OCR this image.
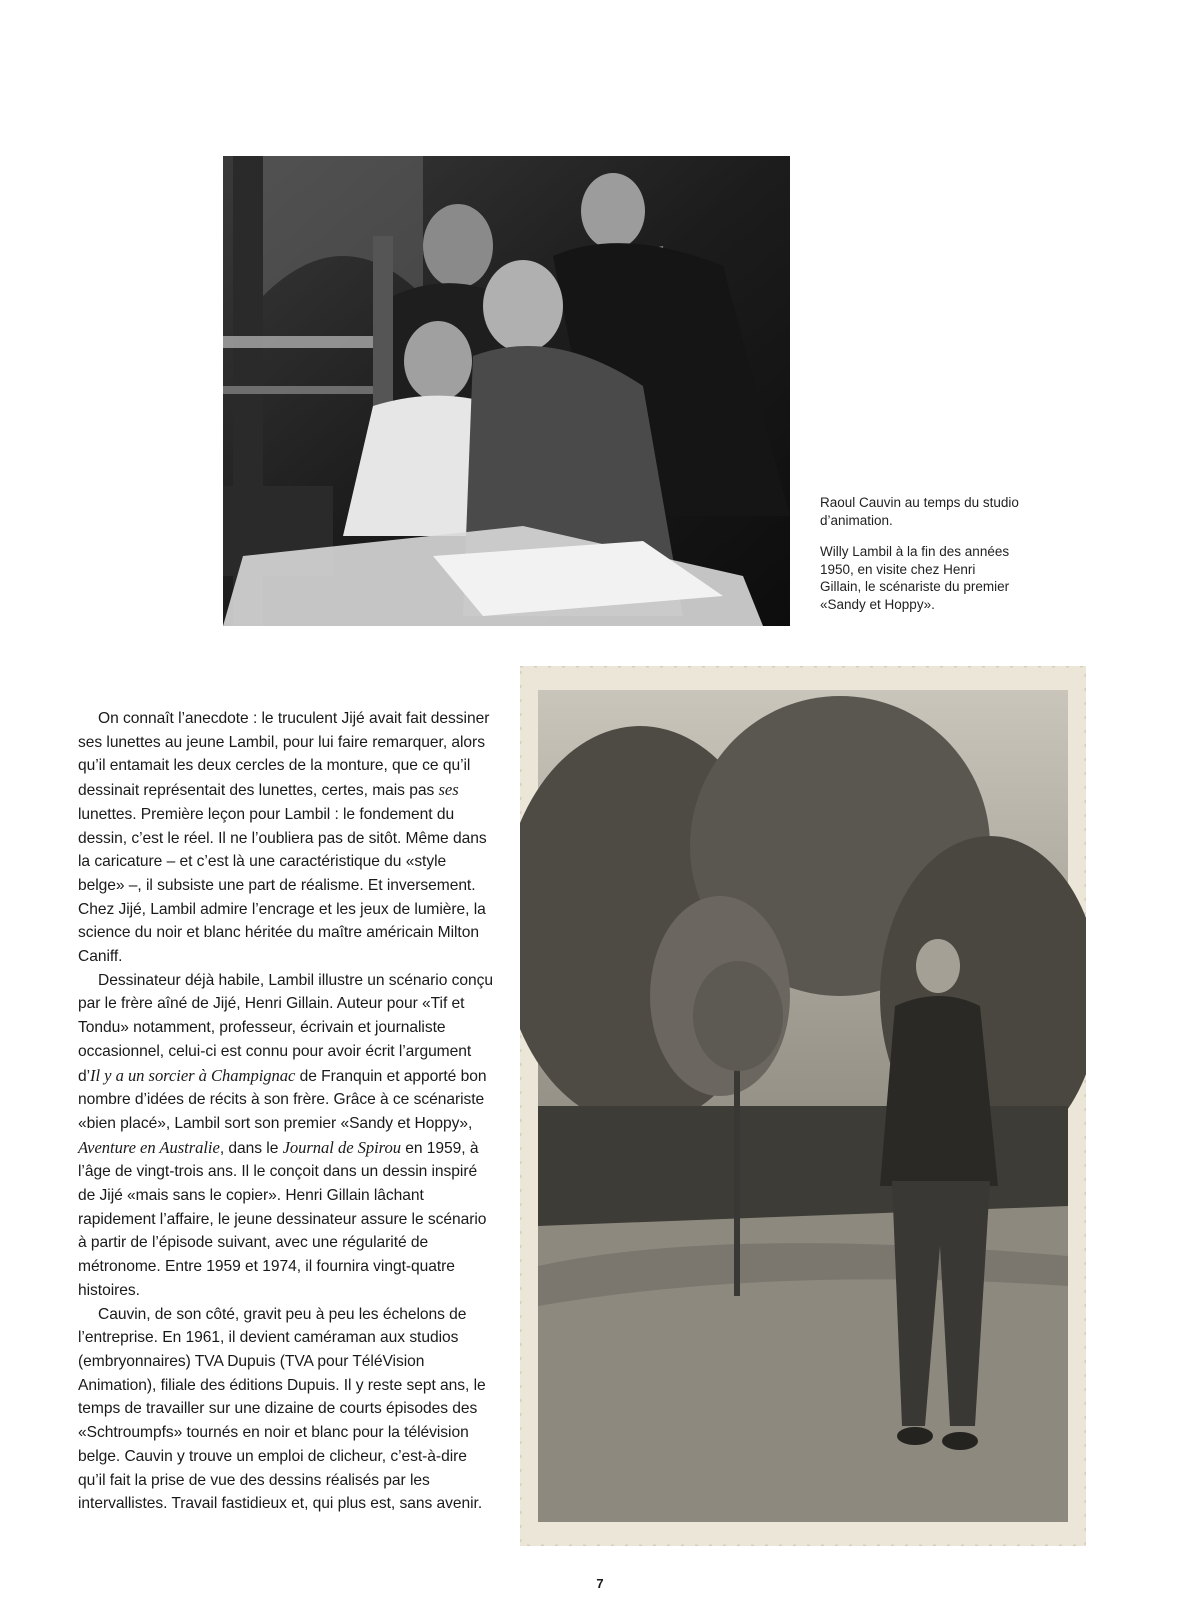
Raoul Cauvin au temps du studio d’animation.
Willy Lambil à la fin des années 1950, en visite chez Henri Gillain, le scénariste du premier «Sandy et Hoppy».

On connaît l’anecdote : le truculent Jijé avait fait dessiner ses lunettes au jeune Lambil, pour lui faire remarquer, alors qu’il entamait les deux cercles de la monture, que ce qu’il dessinait représentait des lunettes, certes, mais pas ses lunettes. Première leçon pour Lambil : le fondement du dessin, c’est le réel. Il ne l’oubliera pas de sitôt. Même dans la caricature – et c’est là une caractéristique du «style belge» –, il subsiste une part de réalisme. Et inversement. Chez Jijé, Lambil admire l’encrage et les jeux de lumière, la science du noir et blanc héritée du maître américain Milton Caniff.

Dessinateur déjà habile, Lambil illustre un scénario conçu par le frère aîné de Jijé, Henri Gillain. Auteur pour «Tif et Tondu» notamment, professeur, écrivain et journaliste occasionnel, celui-ci est connu pour avoir écrit l’argument d’Il y a un sorcier à Champignac de Franquin et apporté bon nombre d’idées de récits à son frère. Grâce à ce scénariste «bien placé», Lambil sort son premier «Sandy et Hoppy», Aventure en Australie, dans le Journal de Spirou en 1959, à l’âge de vingt-trois ans. Il le conçoit dans un dessin inspiré de Jijé «mais sans le copier». Henri Gillain lâchant rapidement l’affaire, le jeune dessinateur assure le scénario à partir de l’épisode suivant, avec une régularité de métronome. Entre 1959 et 1974, il fournira vingt-quatre histoires.

Cauvin, de son côté, gravit peu à peu les échelons de l’entreprise. En 1961, il devient caméraman aux studios (embryonnaires) TVA Dupuis (TVA pour TéléVision Animation), filiale des éditions Dupuis. Il y reste sept ans, le temps de travailler sur une dizaine de courts épisodes des «Schtroumpfs» tournés en noir et blanc pour la télévision belge. Cauvin y trouve un emploi de clicheur, c’est-à-dire qu’il fait la prise de vue des dessins réalisés par les intervallistes. Travail fastidieux et, qui plus est, sans avenir.

7
